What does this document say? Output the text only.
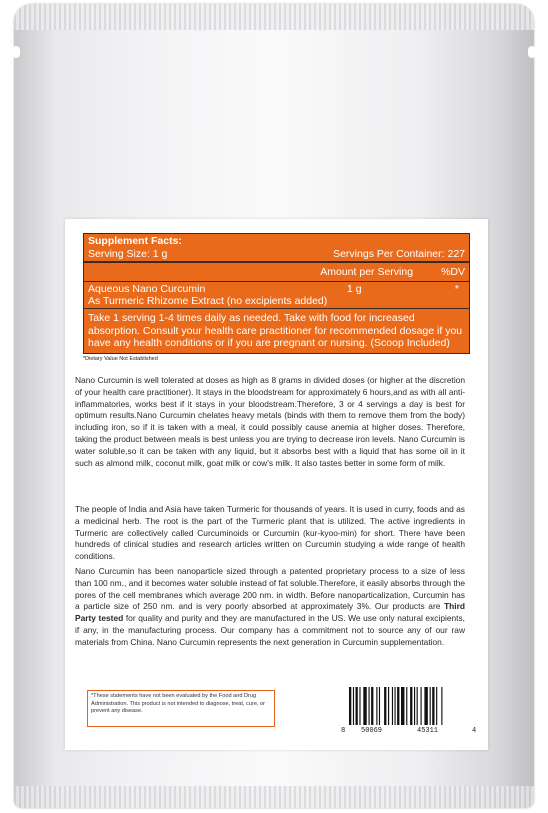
Supplement Facts:
Serving Size: 1 g	Servings Per Container: 227
Amount per Serving	%DV
Aqueous Nano Curcumin
As Turmeric Rhizome Extract (no excipients added)
1 g	*
Take 1 serving 1-4 times daily as needed. Take with food for increased absorption. Consult your health care practitioner for recommended dosage if you have any health conditions or if you are pregnant or nursing. (Scoop Included)
*Dietary Value Not Established

Nano Curcumin is well tolerated at doses as high as 8 grams in divided doses (or higher at the discretion of your health care practitioner). It stays in the bloodstream for approximately 6 hours,and as with all anti-inflammatories, works best if it stays in your bloodstream.Therefore, 3 or 4 servings a day is best for optimum results.Nano Curcumin chelates heavy metals (binds with them to remove them from the body) including iron, so if it is taken with a meal, it could possibly cause anemia at higher doses. Therefore, taking the product between meals is best unless you are trying to decrease iron levels. Nano Curcumin is water soluble,so it can be taken with any liquid, but it absorbs best with a liquid that has some oil in it such as almond milk, coconut milk, goat milk or cow's milk. It also tastes better in some form of milk.

The people of India and Asia have taken Turmeric for thousands of years. It is used in curry, foods and as a medicinal herb. The root is the part of the Turmeric plant that is utilized. The active ingredients in Turmeric are collectively called Curcuminoids or Curcumin (kur-kyoo-min) for short. There have been hundreds of clinical studies and research articles written on Curcumin studying a wide range of health conditions.

Nano Curcumin has been nanoparticle sized through a patented proprietary process to a size of less than 100 nm., and it becomes water soluble instead of fat soluble.Therefore, it easily absorbs through the pores of the cell membranes which average 200 nm. in width. Before nanoparticalization, Curcumin has a particle size of 250 nm. and is very poorly absorbed at approximately 3%. Our products are Third Party tested for quality and purity and they are manufactured in the US. We use only natural excipients, if any, in the manufacturing process. Our company has a commitment not to source any of our raw materials from China. Nano Curcumin represents the next generation in Curcumin supplementation.

*These statements have not been evaluated by the Food and Drug Administration. This product is not intended to diagnose, treat, cure, or prevent any disease.
8 50069	45311	4
